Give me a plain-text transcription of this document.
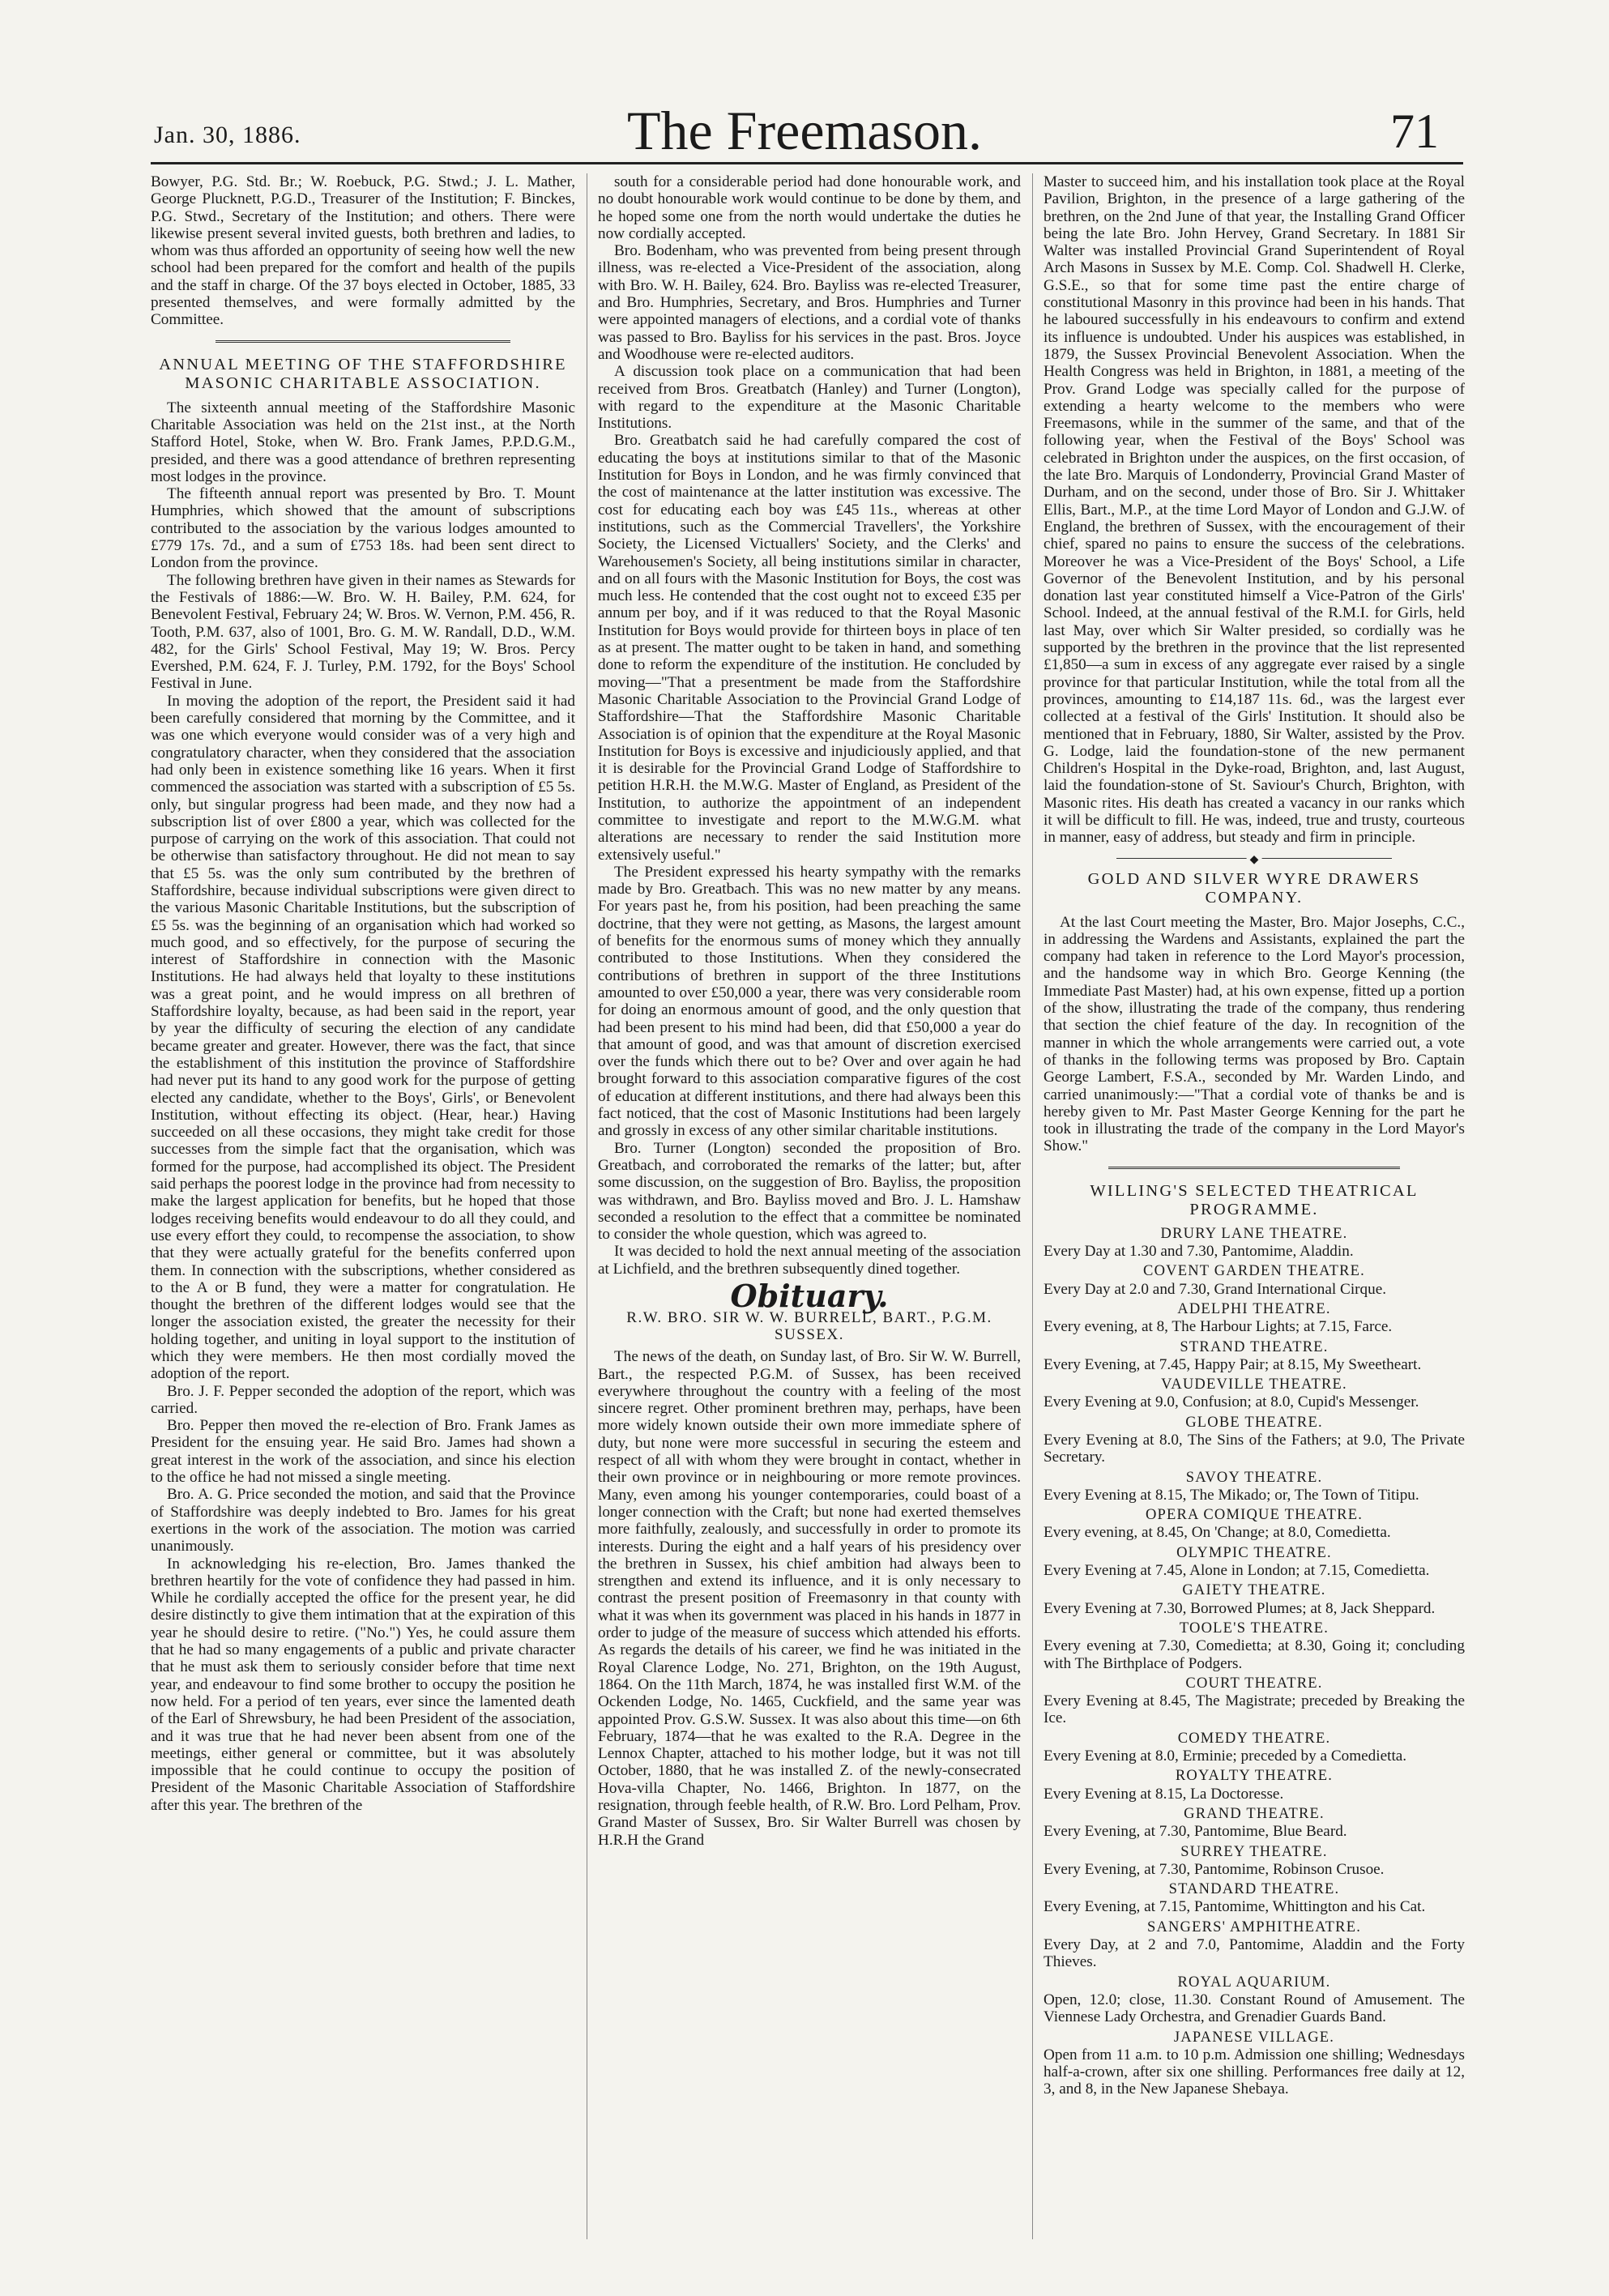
Jan. 30, 1886.	The Freemason.	71

Bowyer, P.G. Std. Br.; W. Roebuck, P.G. Stwd.; J. L. Mather, George Plucknett, P.G.D., Treasurer of the Institution; F. Binckes, P.G. Stwd., Secretary of the Institution; and others. There were likewise present several invited guests, both brethren and ladies, to whom was thus afforded an opportunity of seeing how well the new school had been prepared for the comfort and health of the pupils and the staff in charge. Of the 37 boys elected in October, 1885, 33 presented themselves, and were formally admitted by the Committee.

ANNUAL MEETING OF THE STAFFORDSHIRE MASONIC CHARITABLE ASSOCIATION.

The sixteenth annual meeting of the Staffordshire Masonic Charitable Association was held on the 21st inst., at the North Stafford Hotel, Stoke, when W. Bro. Frank James, P.P.D.G.M., presided, and there was a good attendance of brethren representing most lodges in the province.

The fifteenth annual report was presented by Bro. T. Mount Humphries, which showed that the amount of subscriptions contributed to the association by the various lodges amounted to £779 17s. 7d., and a sum of £753 18s. had been sent direct to London from the province.

The following brethren have given in their names as Stewards for the Festivals of 1886:—W. Bro. W. H. Bailey, P.M. 624, for Benevolent Festival, February 24; W. Bros. W. Vernon, P.M. 456, R. Tooth, P.M. 637, also of 1001, Bro. G. M. W. Randall, D.D., W.M. 482, for the Girls' School Festival, May 19; W. Bros. Percy Evershed, P.M. 624, F. J. Turley, P.M. 1792, for the Boys' School Festival in June.

In moving the adoption of the report, the President said it had been carefully considered that morning by the Committee, and it was one which everyone would consider was of a very high and congratulatory character, when they considered that the association had only been in existence something like 16 years. When it first commenced the association was started with a subscription of £5 5s. only, but singular progress had been made, and they now had a subscription list of over £800 a year, which was collected for the purpose of carrying on the work of this association. That could not be otherwise than satisfactory throughout. He did not mean to say that £5 5s. was the only sum contributed by the brethren of Staffordshire, because individual subscriptions were given direct to the various Masonic Charitable Institutions, but the subscription of £5 5s. was the beginning of an organisation which had worked so much good, and so effectively, for the purpose of securing the interest of Staffordshire in connection with the Masonic Institutions. He had always held that loyalty to these institutions was a great point, and he would impress on all brethren of Staffordshire loyalty, because, as had been said in the report, year by year the difficulty of securing the election of any candidate became greater and greater. However, there was the fact, that since the establishment of this institution the province of Staffordshire had never put its hand to any good work for the purpose of getting elected any candidate, whether to the Boys', Girls', or Benevolent Institution, without effecting its object. (Hear, hear.) Having succeeded on all these occasions, they might take credit for those successes from the simple fact that the organisation, which was formed for the purpose, had accomplished its object. The President said perhaps the poorest lodge in the province had from necessity to make the largest application for benefits, but he hoped that those lodges receiving benefits would endeavour to do all they could, and use every effort they could, to recompense the association, to show that they were actually grateful for the benefits conferred upon them. In connection with the subscriptions, whether considered as to the A or B fund, they were a matter for congratulation. He thought the brethren of the different lodges would see that the longer the association existed, the greater the necessity for their holding together, and uniting in loyal support to the institution of which they were members. He then most cordially moved the adoption of the report.

Bro. J. F. Pepper seconded the adoption of the report, which was carried.

Bro. Pepper then moved the re-election of Bro. Frank James as President for the ensuing year. He said Bro. James had shown a great interest in the work of the association, and since his election to the office he had not missed a single meeting.

Bro. A. G. Price seconded the motion, and said that the Province of Staffordshire was deeply indebted to Bro. James for his great exertions in the work of the association. The motion was carried unanimously.

In acknowledging his re-election, Bro. James thanked the brethren heartily for the vote of confidence they had passed in him. While he cordially accepted the office for the present year, he did desire distinctly to give them intimation that at the expiration of this year he should desire to retire. ("No.") Yes, he could assure them that he had so many engagements of a public and private character that he must ask them to seriously consider before that time next year, and endeavour to find some brother to occupy the position he now held. For a period of ten years, ever since the lamented death of the Earl of Shrewsbury, he had been President of the association, and it was true that he had never been absent from one of the meetings, either general or committee, but it was absolutely impossible that he could continue to occupy the position of President of the Masonic Charitable Association of Staffordshire after this year. The brethren of the

south for a considerable period had done honourable work, and no doubt honourable work would continue to be done by them, and he hoped some one from the north would undertake the duties he now cordially accepted.

Bro. Bodenham, who was prevented from being present through illness, was re-elected a Vice-President of the association, along with Bro. W. H. Bailey, 624. Bro. Bayliss was re-elected Treasurer, and Bro. Humphries, Secretary, and Bros. Humphries and Turner were appointed managers of elections, and a cordial vote of thanks was passed to Bro. Bayliss for his services in the past. Bros. Joyce and Woodhouse were re-elected auditors.

A discussion took place on a communication that had been received from Bros. Greatbatch (Hanley) and Turner (Longton), with regard to the expenditure at the Masonic Charitable Institutions.

Bro. Greatbatch said he had carefully compared the cost of educating the boys at institutions similar to that of the Masonic Institution for Boys in London, and he was firmly convinced that the cost of maintenance at the latter institution was excessive. The cost for educating each boy was £45 11s., whereas at other institutions, such as the Commercial Travellers', the Yorkshire Society, the Licensed Victuallers' Society, and the Clerks' and Warehousemen's Society, all being institutions similar in character, and on all fours with the Masonic Institution for Boys, the cost was much less. He contended that the cost ought not to exceed £35 per annum per boy, and if it was reduced to that the Royal Masonic Institution for Boys would provide for thirteen boys in place of ten as at present. The matter ought to be taken in hand, and something done to reform the expenditure of the institution. He concluded by moving—"That a presentment be made from the Staffordshire Masonic Charitable Association to the Provincial Grand Lodge of Staffordshire—That the Staffordshire Masonic Charitable Association is of opinion that the expenditure at the Royal Masonic Institution for Boys is excessive and injudiciously applied, and that it is desirable for the Provincial Grand Lodge of Staffordshire to petition H.R.H. the M.W.G. Master of England, as President of the Institution, to authorize the appointment of an independent committee to investigate and report to the M.W.G.M. what alterations are necessary to render the said Institution more extensively useful."

The President expressed his hearty sympathy with the remarks made by Bro. Greatbach. This was no new matter by any means. For years past he, from his position, had been preaching the same doctrine, that they were not getting, as Masons, the largest amount of benefits for the enormous sums of money which they annually contributed to those Institutions. When they considered the contributions of brethren in support of the three Institutions amounted to over £50,000 a year, there was very considerable room for doing an enormous amount of good, and the only question that had been present to his mind had been, did that £50,000 a year do that amount of good, and was that amount of discretion exercised over the funds which there out to be? Over and over again he had brought forward to this association comparative figures of the cost of education at different institutions, and there had always been this fact noticed, that the cost of Masonic Institutions had been largely and grossly in excess of any other similar charitable institutions.

Bro. Turner (Longton) seconded the proposition of Bro. Greatbach, and corroborated the remarks of the latter; but, after some discussion, on the suggestion of Bro. Bayliss, the proposition was withdrawn, and Bro. Bayliss moved and Bro. J. L. Hamshaw seconded a resolution to the effect that a committee be nominated to consider the whole question, which was agreed to.

It was decided to hold the next annual meeting of the association at Lichfield, and the brethren subsequently dined together.

Obituary.
R.W. BRO. SIR W. W. BURRELL, BART., P.G.M. SUSSEX.

The news of the death, on Sunday last, of Bro. Sir W. W. Burrell, Bart., the respected P.G.M. of Sussex, has been received everywhere throughout the country with a feeling of the most sincere regret. Other prominent brethren may, perhaps, have been more widely known outside their own more immediate sphere of duty, but none were more successful in securing the esteem and respect of all with whom they were brought in contact, whether in their own province or in neighbouring or more remote provinces. Many, even among his younger contemporaries, could boast of a longer connection with the Craft; but none had exerted themselves more faithfully, zealously, and successfully in order to promote its interests. During the eight and a half years of his presidency over the brethren in Sussex, his chief ambition had always been to strengthen and extend its influence, and it is only necessary to contrast the present position of Freemasonry in that county with what it was when its government was placed in his hands in 1877 in order to judge of the measure of success which attended his efforts. As regards the details of his career, we find he was initiated in the Royal Clarence Lodge, No. 271, Brighton, on the 19th August, 1864. On the 11th March, 1874, he was installed first W.M. of the Ockenden Lodge, No. 1465, Cuckfield, and the same year was appointed Prov. G.S.W. Sussex. It was also about this time—on 6th February, 1874—that he was exalted to the R.A. Degree in the Lennox Chapter, attached to his mother lodge, but it was not till October, 1880, that he was installed Z. of the newly-consecrated Hova-villa Chapter, No. 1466, Brighton. In 1877, on the resignation, through feeble health, of R.W. Bro. Lord Pelham, Prov. Grand Master of Sussex, Bro. Sir Walter Burrell was chosen by H.R.H the Grand

Master to succeed him, and his installation took place at the Royal Pavilion, Brighton, in the presence of a large gathering of the brethren, on the 2nd June of that year, the Installing Grand Officer being the late Bro. John Hervey, Grand Secretary. In 1881 Sir Walter was installed Provincial Grand Superintendent of Royal Arch Masons in Sussex by M.E. Comp. Col. Shadwell H. Clerke, G.S.E., so that for some time past the entire charge of constitutional Masonry in this province had been in his hands. That he laboured successfully in his endeavours to confirm and extend its influence is undoubted. Under his auspices was established, in 1879, the Sussex Provincial Benevolent Association. When the Health Congress was held in Brighton, in 1881, a meeting of the Prov. Grand Lodge was specially called for the purpose of extending a hearty welcome to the members who were Freemasons, while in the summer of the same, and that of the following year, when the Festival of the Boys' School was celebrated in Brighton under the auspices, on the first occasion, of the late Bro. Marquis of Londonderry, Provincial Grand Master of Durham, and on the second, under those of Bro. Sir J. Whittaker Ellis, Bart., M.P., at the time Lord Mayor of London and G.J.W. of England, the brethren of Sussex, with the encouragement of their chief, spared no pains to ensure the success of the celebrations. Moreover he was a Vice-President of the Boys' School, a Life Governor of the Benevolent Institution, and by his personal donation last year constituted himself a Vice-Patron of the Girls' School. Indeed, at the annual festival of the R.M.I. for Girls, held last May, over which Sir Walter presided, so cordially was he supported by the brethren in the province that the list represented £1,850—a sum in excess of any aggregate ever raised by a single province for that particular Institution, while the total from all the provinces, amounting to £14,187 11s. 6d., was the largest ever collected at a festival of the Girls' Institution. It should also be mentioned that in February, 1880, Sir Walter, assisted by the Prov. G. Lodge, laid the foundation-stone of the new permanent Children's Hospital in the Dyke-road, Brighton, and, last August, laid the foundation-stone of St. Saviour's Church, Brighton, with Masonic rites. His death has created a vacancy in our ranks which it will be difficult to fill. He was, indeed, true and trusty, courteous in manner, easy of address, but steady and firm in principle.

◆
GOLD AND SILVER WYRE DRAWERS COMPANY.

At the last Court meeting the Master, Bro. Major Josephs, C.C., in addressing the Wardens and Assistants, explained the part the company had taken in reference to the Lord Mayor's procession, and the handsome way in which Bro. George Kenning (the Immediate Past Master) had, at his own expense, fitted up a portion of the show, illustrating the trade of the company, thus rendering that section the chief feature of the day. In recognition of the manner in which the whole arrangements were carried out, a vote of thanks in the following terms was proposed by Bro. Captain George Lambert, F.S.A., seconded by Mr. Warden Lindo, and carried unanimously:—"That a cordial vote of thanks be and is hereby given to Mr. Past Master George Kenning for the part he took in illustrating the trade of the company in the Lord Mayor's Show."

WILLING'S SELECTED THEATRICAL PROGRAMME.
DRURY LANE THEATRE.

Every Day at 1.30 and 7.30, Pantomime, Aladdin.

COVENT GARDEN THEATRE.

Every Day at 2.0 and 7.30, Grand International Cirque.

ADELPHI THEATRE.

Every evening, at 8, The Harbour Lights; at 7.15, Farce.

STRAND THEATRE.

Every Evening, at 7.45, Happy Pair; at 8.15, My Sweetheart.

VAUDEVILLE THEATRE.

Every Evening at 9.0, Confusion; at 8.0, Cupid's Messenger.

GLOBE THEATRE.

Every Evening at 8.0, The Sins of the Fathers; at 9.0, The Private Secretary.

SAVOY THEATRE.

Every Evening at 8.15, The Mikado; or, The Town of Titipu.

OPERA COMIQUE THEATRE.

Every evening, at 8.45, On 'Change; at 8.0, Comedietta.

OLYMPIC THEATRE.

Every Evening at 7.45, Alone in London; at 7.15, Comedietta.

GAIETY THEATRE.

Every Evening at 7.30, Borrowed Plumes; at 8, Jack Sheppard.

TOOLE'S THEATRE.

Every evening at 7.30, Comedietta; at 8.30, Going it; concluding with The Birthplace of Podgers.

COURT THEATRE.

Every Evening at 8.45, The Magistrate; preceded by Breaking the Ice.

COMEDY THEATRE.

Every Evening at 8.0, Erminie; preceded by a Comedietta.

ROYALTY THEATRE.

Every Evening at 8.15, La Doctoresse.

GRAND THEATRE.

Every Evening, at 7.30, Pantomime, Blue Beard.

SURREY THEATRE.

Every Evening, at 7.30, Pantomime, Robinson Crusoe.

STANDARD THEATRE.

Every Evening, at 7.15, Pantomime, Whittington and his Cat.

SANGERS' AMPHITHEATRE.

Every Day, at 2 and 7.0, Pantomime, Aladdin and the Forty Thieves.

ROYAL AQUARIUM.

Open, 12.0; close, 11.30. Constant Round of Amusement. The Viennese Lady Orchestra, and Grenadier Guards Band.

JAPANESE VILLAGE.

Open from 11 a.m. to 10 p.m. Admission one shilling; Wednesdays half-a-crown, after six one shilling. Performances free daily at 12, 3, and 8, in the New Japanese Shebaya.
